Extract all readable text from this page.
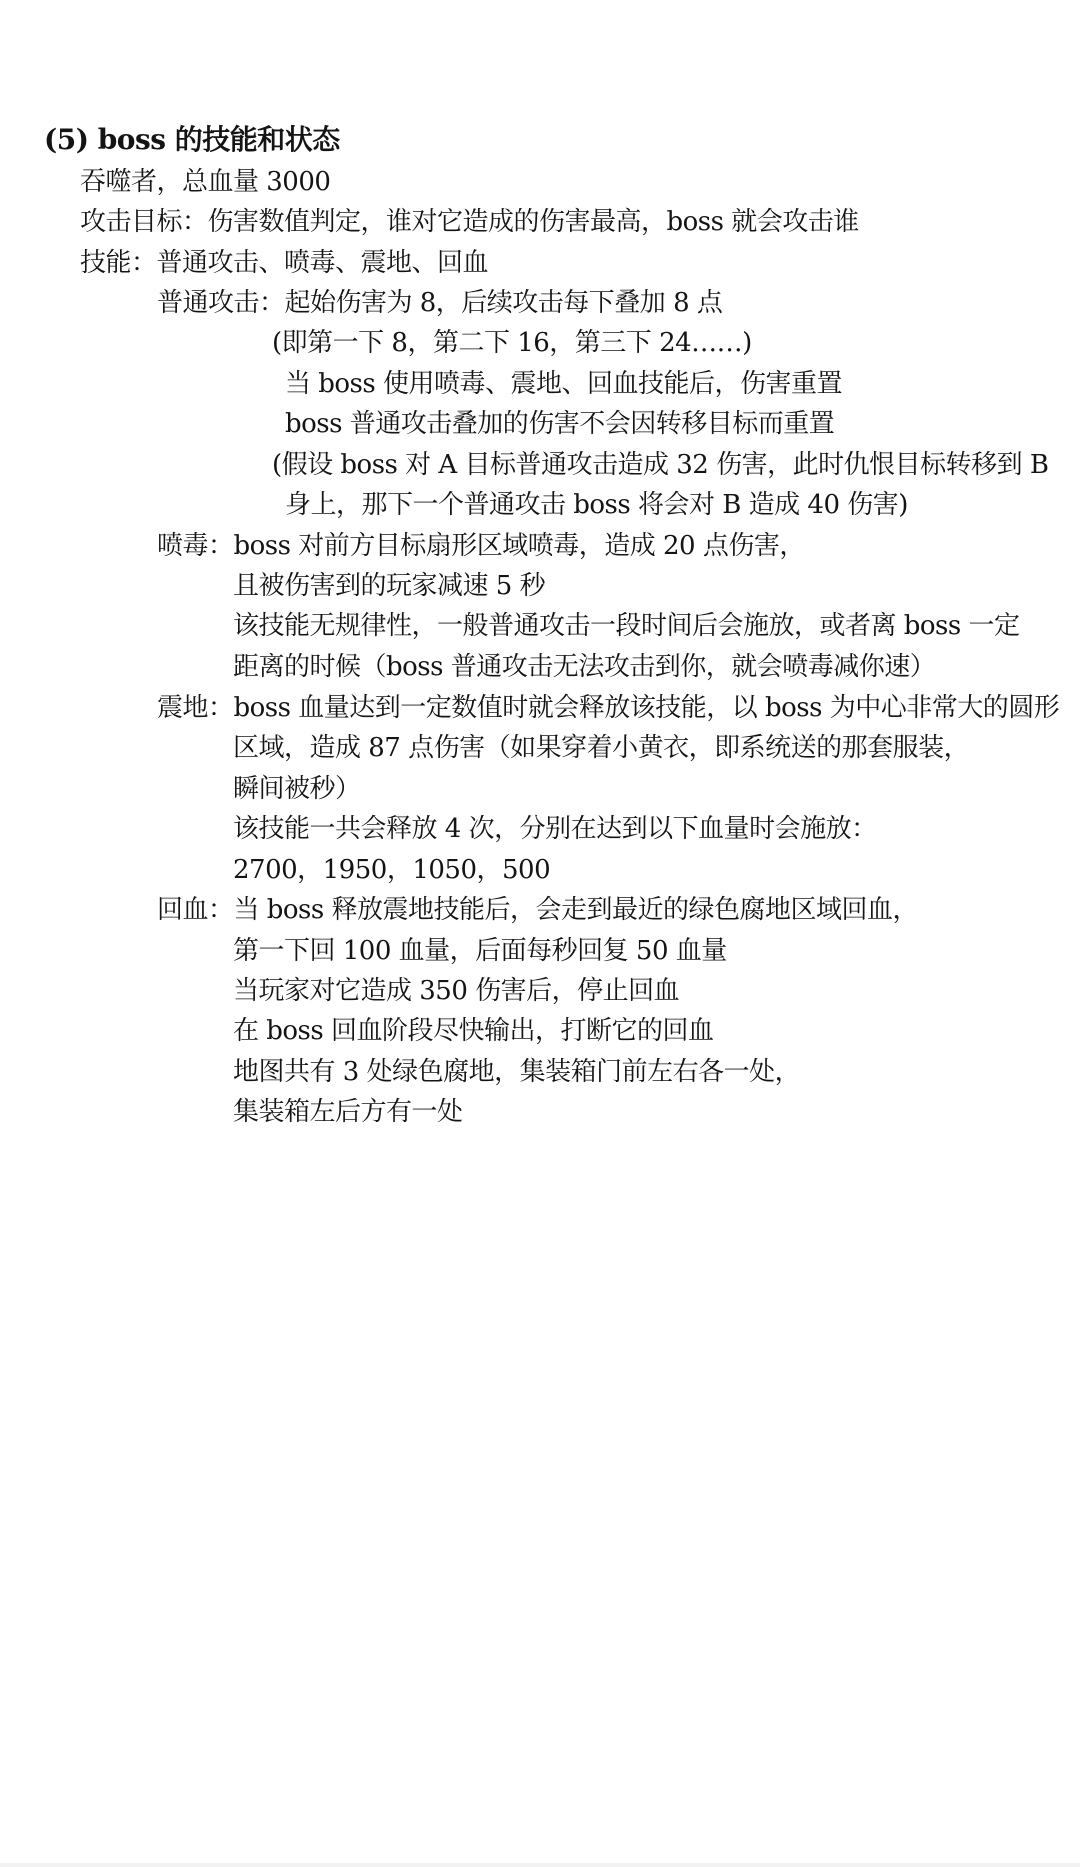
(5) boss 的技能和状态
吞噬者，总血量 3000
攻击目标：伤害数值判定，谁对它造成的伤害最高，boss 就会攻击谁
技能：普通攻击、喷毒、震地、回血
普通攻击：起始伤害为 8，后续攻击每下叠加 8 点
(即第一下 8，第二下 16，第三下 24……)
当 boss 使用喷毒、震地、回血技能后，伤害重置
boss 普通攻击叠加的伤害不会因转移目标而重置
(假设 boss 对 A 目标普通攻击造成 32 伤害，此时仇恨目标转移到 B
身上，那下一个普通攻击 boss 将会对 B 造成 40 伤害)
喷毒：boss 对前方目标扇形区域喷毒，造成 20 点伤害，
且被伤害到的玩家减速 5 秒
该技能无规律性，一般普通攻击一段时间后会施放，或者离 boss 一定
距离的时候（boss 普通攻击无法攻击到你，就会喷毒减你速）
震地：boss 血量达到一定数值时就会释放该技能，以 boss 为中心非常大的圆形
区域，造成 87 点伤害（如果穿着小黄衣，即系统送的那套服装，
瞬间被秒）
该技能一共会释放 4 次，分别在达到以下血量时会施放：
2700，1950，1050，500
回血：当 boss 释放震地技能后，会走到最近的绿色腐地区域回血，
第一下回 100 血量，后面每秒回复 50 血量
当玩家对它造成 350 伤害后，停止回血
在 boss 回血阶段尽快输出，打断它的回血
地图共有 3 处绿色腐地，集装箱门前左右各一处，
集装箱左后方有一处
